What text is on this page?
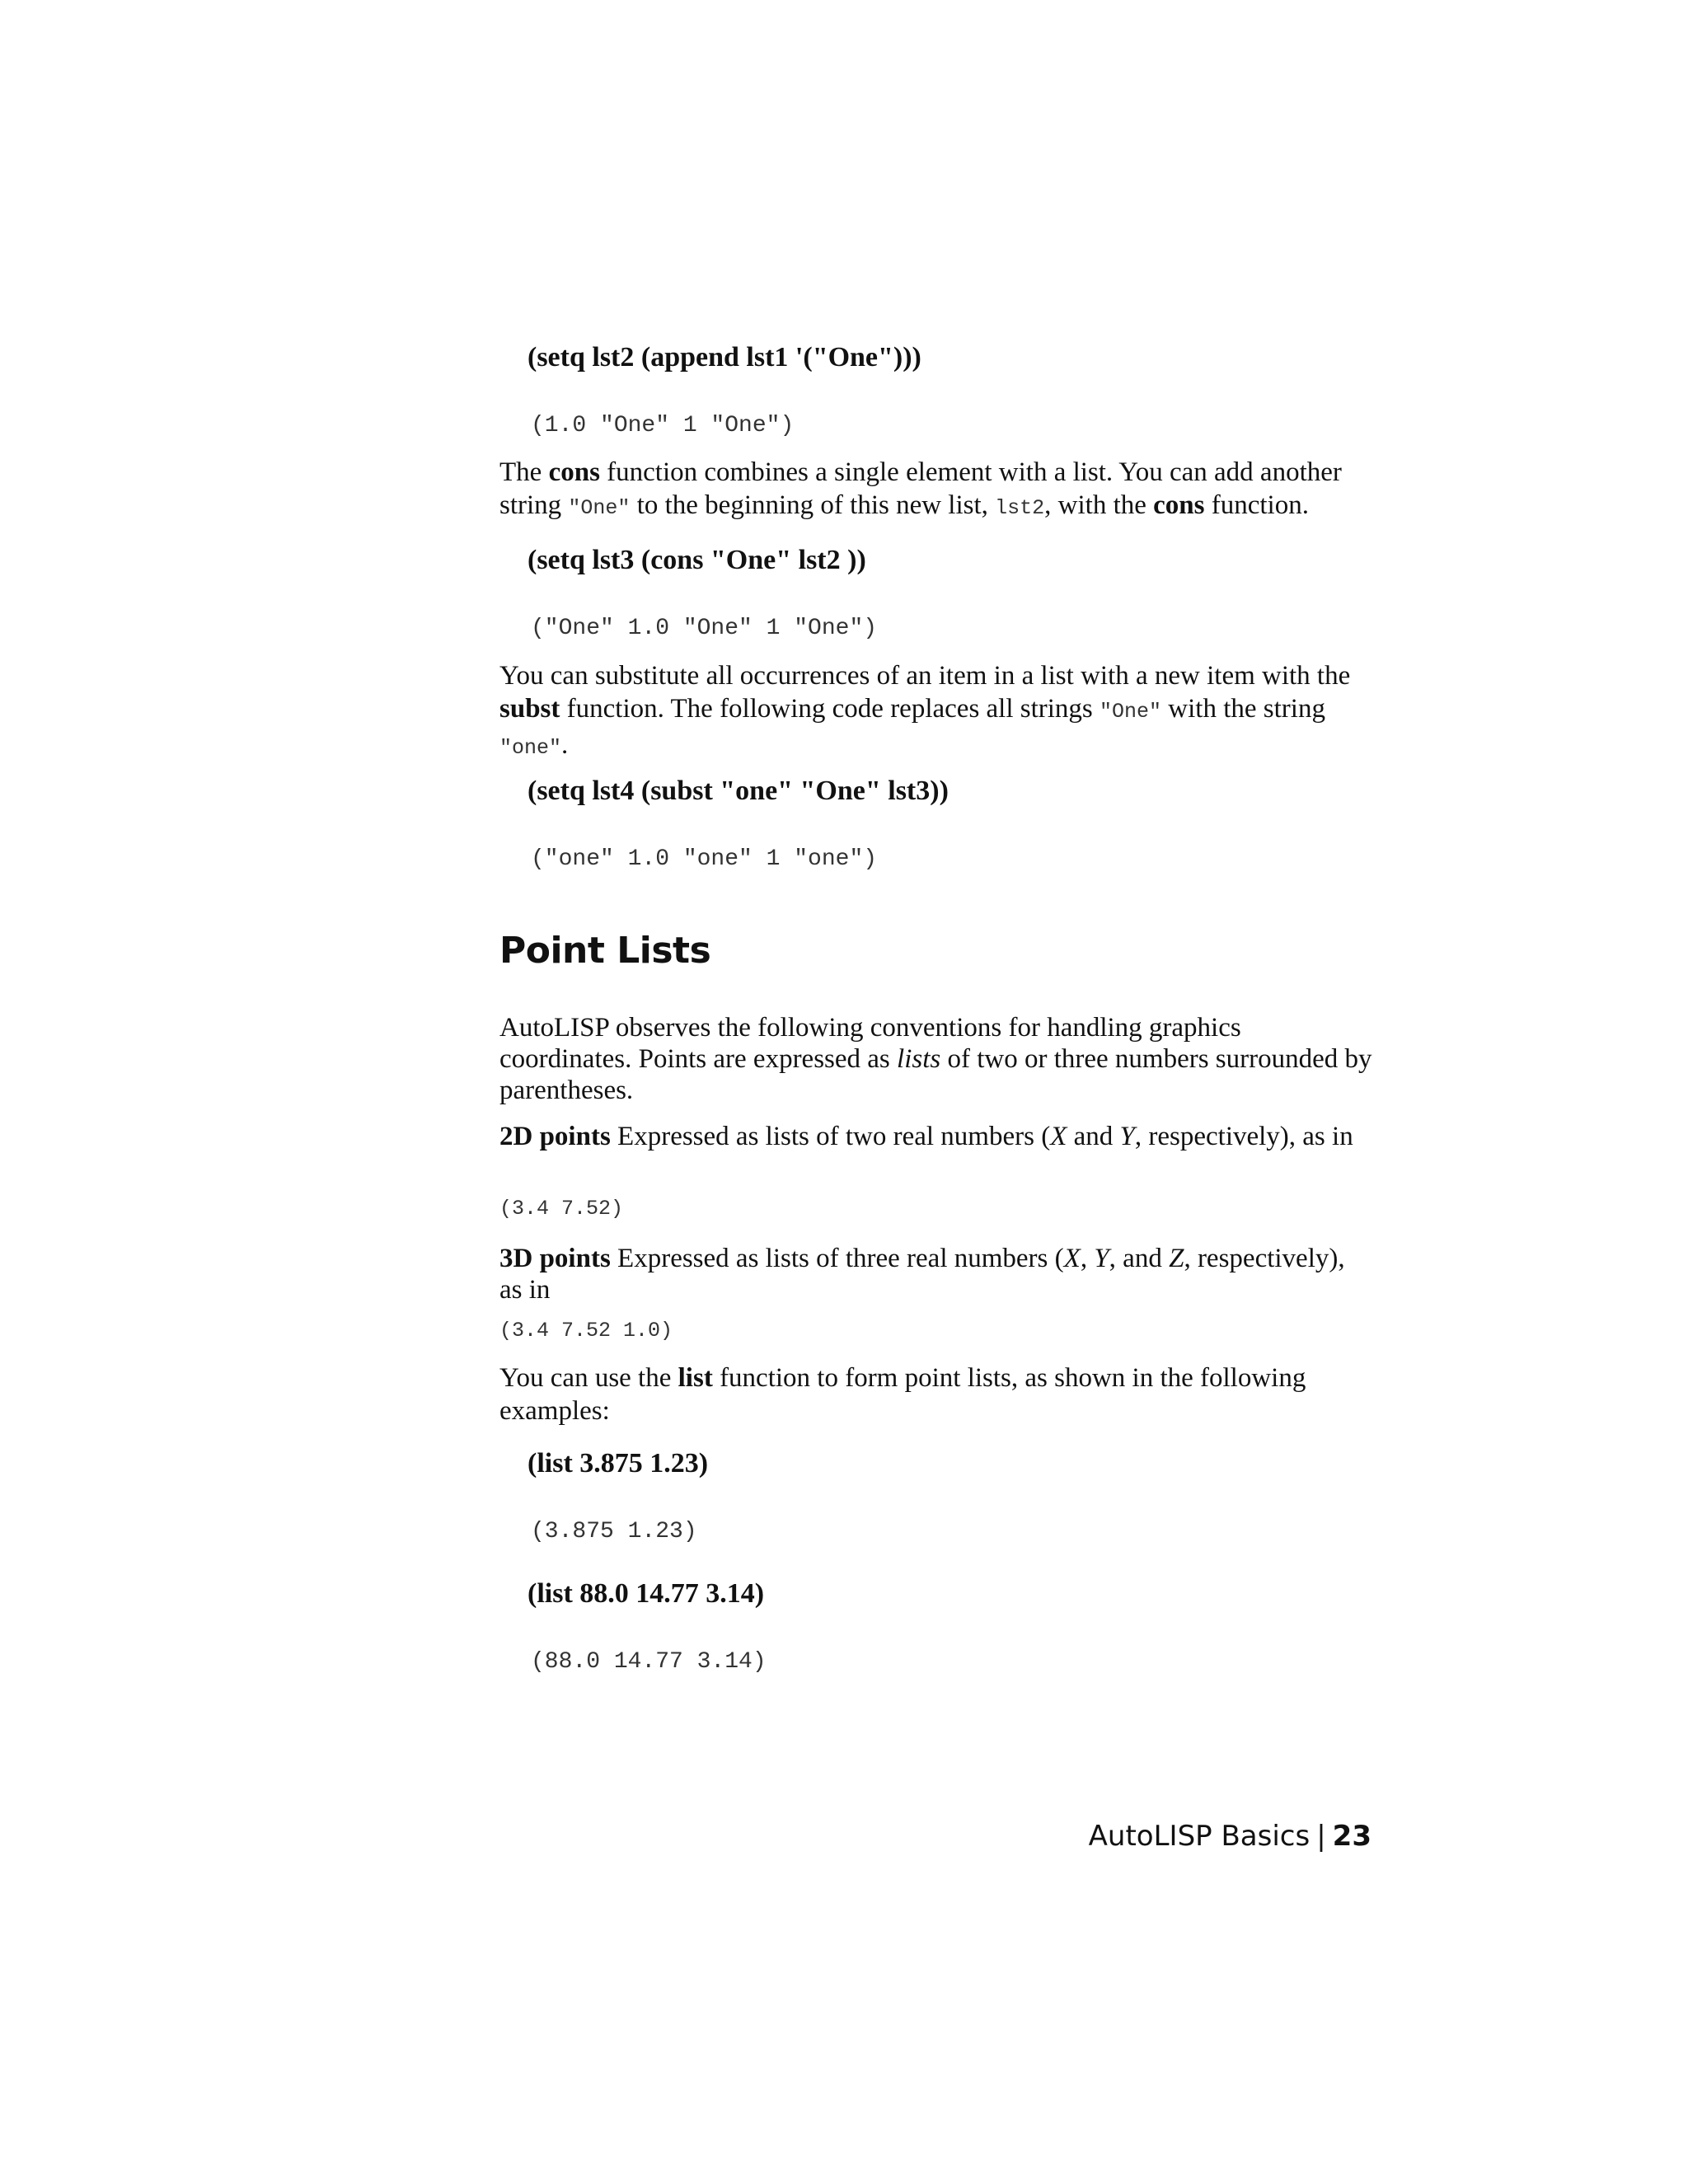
(setq lst2 (append lst1 '("One")))
(1.0 "One" 1 "One")

The cons function combines a single element with a list. You can add another string "One" to the beginning of this new list, lst2, with the cons function.

(setq lst3 (cons "One" lst2 ))
("One" 1.0 "One" 1 "One")

You can substitute all occurrences of an item in a list with a new item with the subst function. The following code replaces all strings "One" with the string "one".

(setq lst4 (subst "one" "One" lst3))
("one" 1.0 "one" 1 "one")
Point Lists

AutoLISP observes the following conventions for handling graphics coordinates. Points are expressed as lists of two or three numbers surrounded by parentheses.

2D points Expressed as lists of two real numbers (X and Y, respectively), as in

(3.4 7.52)

3D points Expressed as lists of three real numbers (X, Y, and Z, respectively), as in

(3.4 7.52 1.0)

You can use the list function to form point lists, as shown in the following examples:

(list 3.875 1.23)
(3.875 1.23)
(list 88.0 14.77 3.14)
(88.0 14.77 3.14)
AutoLISP Basics | 23
